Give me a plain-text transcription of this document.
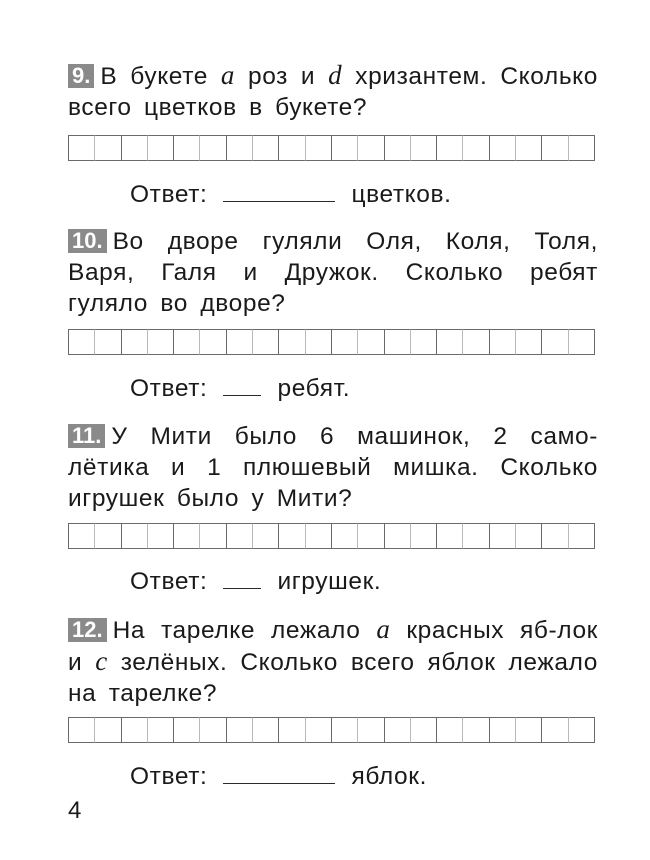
9. В букете a роз и d хризантем. Сколько всего цветков в букете?

Ответ:	цветков.

10. Во дворе гуляли Оля, Коля, Толя, Варя, Галя и Дружок. Сколько ребят гуляло во дворе?

Ответ:	ребят.

11. У Мити было 6 машинок, 2 само-лётика и 1 плюшевый мишка. Сколько игрушек было у Мити?

Ответ:	игрушек.

12. На тарелке лежало a красных яб-лок и c зелёных. Сколько всего яблок лежало на тарелке?

Ответ:	яблок.
4
